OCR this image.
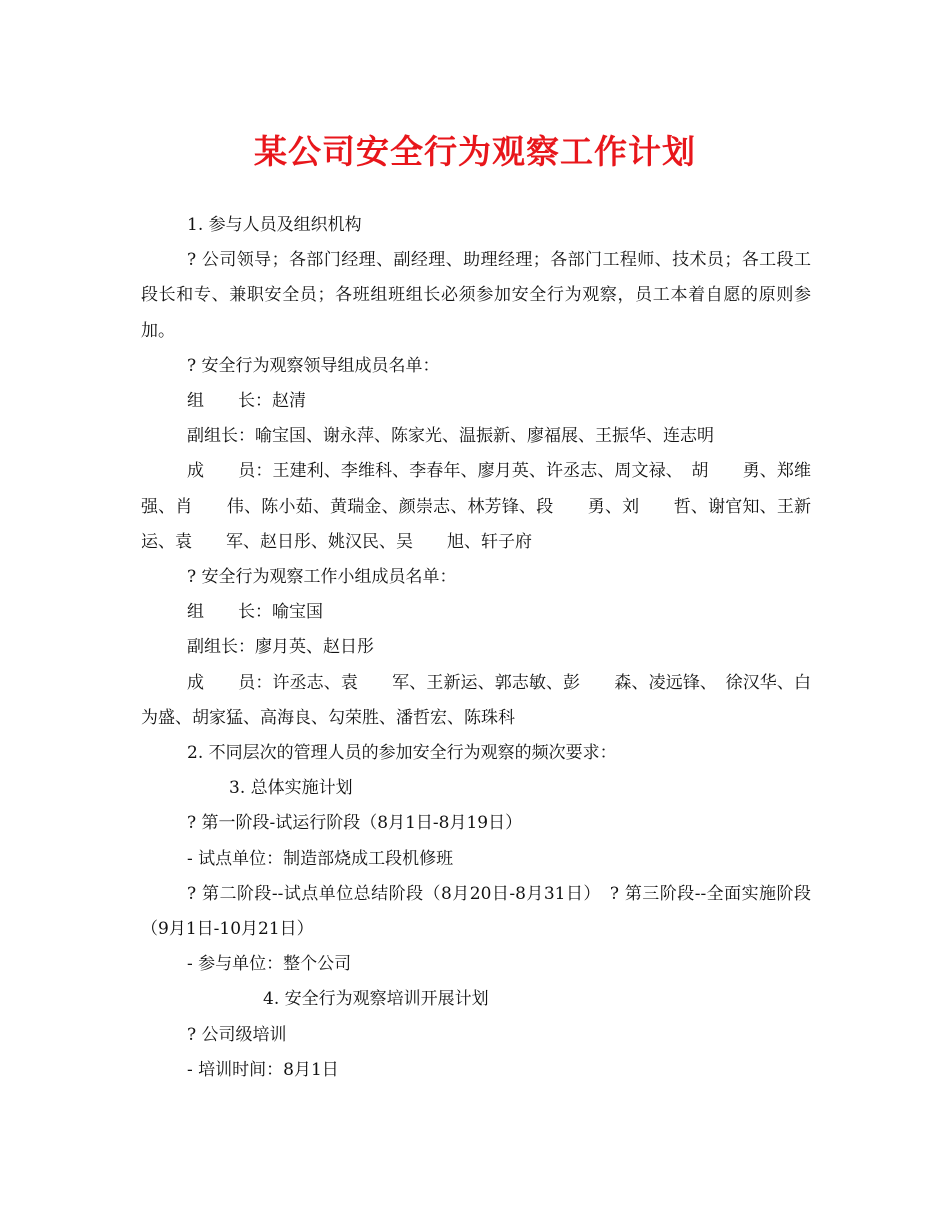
某公司安全行为观察工作计划

1. 参与人员及组织机构

? 公司领导；各部门经理、副经理、助理经理；各部门工程师、技术员；各工段工段长和专、兼职安全员；各班组班组长必须参加安全行为观察，员工本着自愿的原则参加。

? 安全行为观察领导组成员名单：

组　　长：赵清

副组长：喻宝国、谢永萍、陈家光、温振新、廖福展、王振华、连志明

成　　员：王建利、李维科、李春年、廖月英、许丞志、周文禄、　胡　　勇、郑维强、肖　　伟、陈小茹、黄瑞金、颜崇志、林芳锋、段　　勇、刘　　哲、谢官知、王新运、袁　　军、赵日彤、姚汉民、吴　　旭、轩子府

? 安全行为观察工作小组成员名单：

组　　长：喻宝国

副组长：廖月英、赵日彤

成　　员：许丞志、袁　　军、王新运、郭志敏、彭　　森、凌远锋、　徐汉华、白为盛、胡家猛、高海良、勾荣胜、潘哲宏、陈珠科

2. 不同层次的管理人员的参加安全行为观察的频次要求：

3. 总体实施计划

? 第一阶段-试运行阶段（8月1日-8月19日）

- 试点单位：制造部烧成工段机修班

? 第二阶段--试点单位总结阶段（8月20日-8月31日）　? 第三阶段--全面实施阶段（9月1日-10月21日）

- 参与单位：整个公司

4. 安全行为观察培训开展计划

? 公司级培训

- 培训时间：8月1日
